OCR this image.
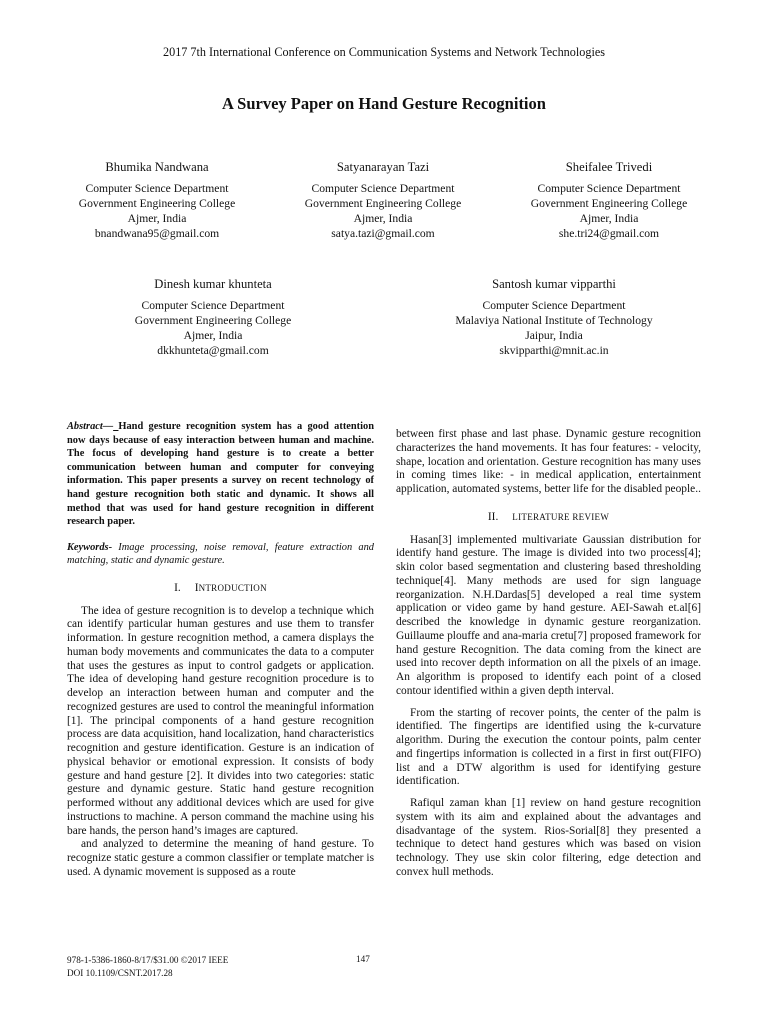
2017 7th International Conference on Communication Systems and Network Technologies
A Survey Paper on Hand Gesture Recognition
Bhumika Nandwana
Computer Science Department
Government Engineering College
Ajmer, India
bnandwana95@gmail.com
Satyanarayan Tazi
Computer Science Department
Government Engineering College
Ajmer, India
satya.tazi@gmail.com
Sheifalee Trivedi
Computer Science Department
Government Engineering College
Ajmer, India
she.tri24@gmail.com
Dinesh kumar khunteta
Computer Science Department
Government Engineering College
Ajmer, India
dkkhunteta@gmail.com
Santosh kumar vipparthi
Computer Science Department
Malaviya National Institute of Technology
Jaipur, India
skvipparthi@mnit.ac.in

Abstract—_Hand gesture recognition system has a good attention now days because of easy interaction between human and machine. The focus of developing hand gesture is to create a better communication between human and computer for conveying information. This paper presents a survey on recent technology of hand gesture recognition both static and dynamic. It shows all method that was used for hand gesture recognition in different research paper.

Keywords- Image processing, noise removal, feature extraction and matching, static and dynamic gesture.

I. INTRODUCTION

The idea of gesture recognition is to develop a technique which can identify particular human gestures and use them to transfer information. In gesture recognition method, a camera displays the human body movements and communicates the data to a computer that uses the gestures as input to control gadgets or application. The idea of developing hand gesture recognition procedure is to develop an interaction between human and computer and the recognized gestures are used to control the meaningful information [1]. The principal components of a hand gesture recognition process are data acquisition, hand localization, hand characteristics recognition and gesture identification. Gesture is an indication of physical behavior or emotional expression. It consists of body gesture and hand gesture [2]. It divides into two categories: static gesture and dynamic gesture. Static hand gesture recognition performed without any additional devices which are used for give instructions to machine. A person command the machine using his bare hands, the person hand’s images are captured.

and analyzed to determine the meaning of hand gesture. To recognize static gesture a common classifier or template matcher is used. A dynamic movement is supposed as a route

between first phase and last phase. Dynamic gesture recognition characterizes the hand movements. It has four features: - velocity, shape, location and orientation. Gesture recognition has many uses in coming times like: - in medical application, entertainment application, automated systems, better life for the disabled people..

II. LITERATURE REVIEW

Hasan[3] implemented multivariate Gaussian distribution for identify hand gesture. The image is divided into two process[4]; skin color based segmentation and clustering based thresholding technique[4]. Many methods are used for sign language reorganization. N.H.Dardas[5] developed a real time system application or video game by hand gesture. AEI-Sawah et.al[6] described the knowledge in dynamic gesture reorganization. Guillaume plouffe and ana-maria cretu[7] proposed framework for hand gesture Recognition. The data coming from the kinect are used into recover depth information on all the pixels of an image. An algorithm is proposed to identify each point of a closed contour identified within a given depth interval.

From the starting of recover points, the center of the palm is identified. The fingertips are identified using the k-curvature algorithm. During the execution the contour points, palm center and fingertips information is collected in a first in first out(FIFO) list and a DTW algorithm is used for identifying gesture identification.

Rafiqul zaman khan [1] review on hand gesture recognition system with its aim and explained about the advantages and disadvantage of the system. Rios-Sorial[8] they presented a technique to detect hand gestures which was based on vision technology. They use skin color filtering, edge detection and convex hull methods.

978-1-5386-1860-8/17/$31.00 ©2017 IEEE
DOI 10.1109/CSNT.2017.28
147
